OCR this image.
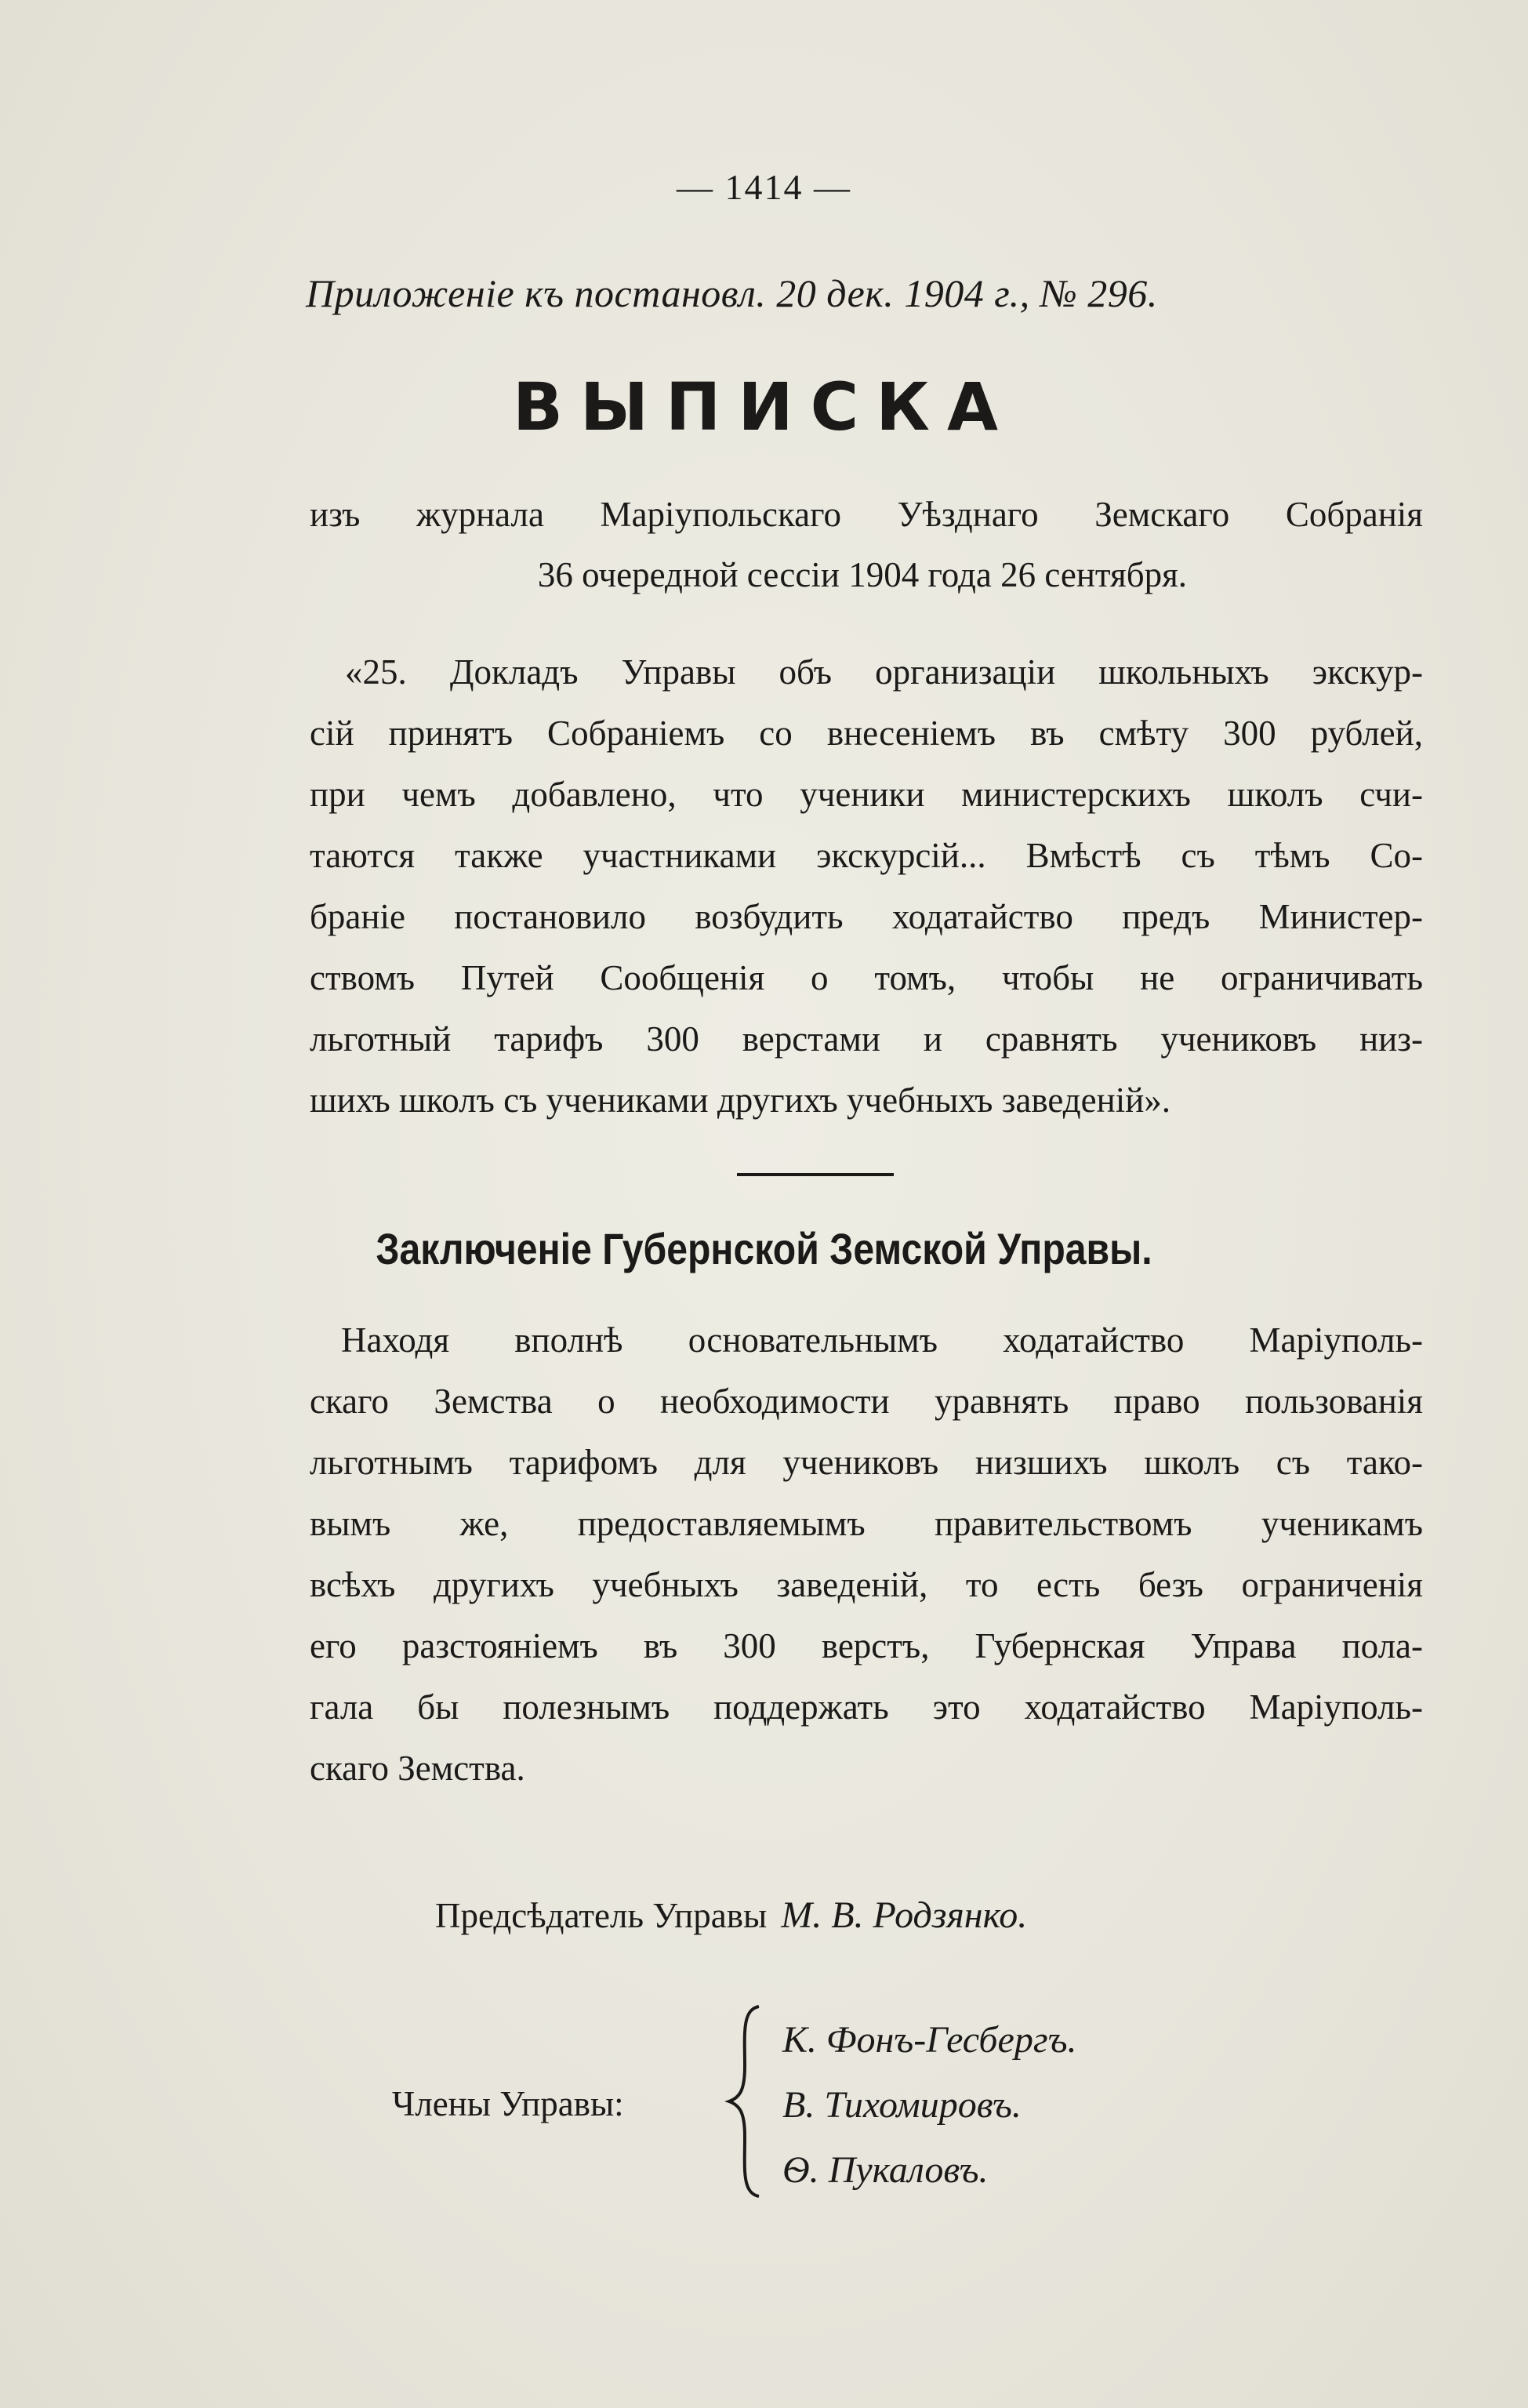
— 1414 —
Приложеніе къ постановл. 20 дек. 1904 г., № 296.
ВЫПИСКА
изъ журнала Маріупольскаго Уѣзднаго Земскаго Собранія
36 очередной сессіи 1904 года 26 сентября.
«25. Докладъ Управы объ организаціи школьныхъ экскур-
сій принятъ Собраніемъ со внесеніемъ въ смѣту 300 рублей,
при чемъ добавлено, что ученики министерскихъ школъ счи-
таются также участниками экскурсій... Вмѣстѣ съ тѣмъ Со-
браніе постановило возбудить ходатайство предъ Министер-
ствомъ Путей Сообщенія о томъ, чтобы не ограничивать
льготный тарифъ 300 верстами и сравнять учениковъ низ-
шихъ школъ съ учениками другихъ учебныхъ заведеній».
Заключеніе Губернской Земской Управы.
Находя вполнѣ основательнымъ ходатайство Маріуполь-
скаго Земства о необходимости уравнять право пользованія
льготнымъ тарифомъ для учениковъ низшихъ школъ съ тако-
вымъ же, предоставляемымъ правительствомъ ученикамъ
всѣхъ другихъ учебныхъ заведеній, то есть безъ ограниченія
его разстояніемъ въ 300 верстъ, Губернская Управа пола-
гала бы полезнымъ поддержать это ходатайство Маріуполь-
скаго Земства.
Предсѣдатель Управы М. В. Родзянко.
Члены Управы:
К. Фонъ-Гесбергъ.
В. Тихомировъ.
Ѳ. Пукаловъ.
